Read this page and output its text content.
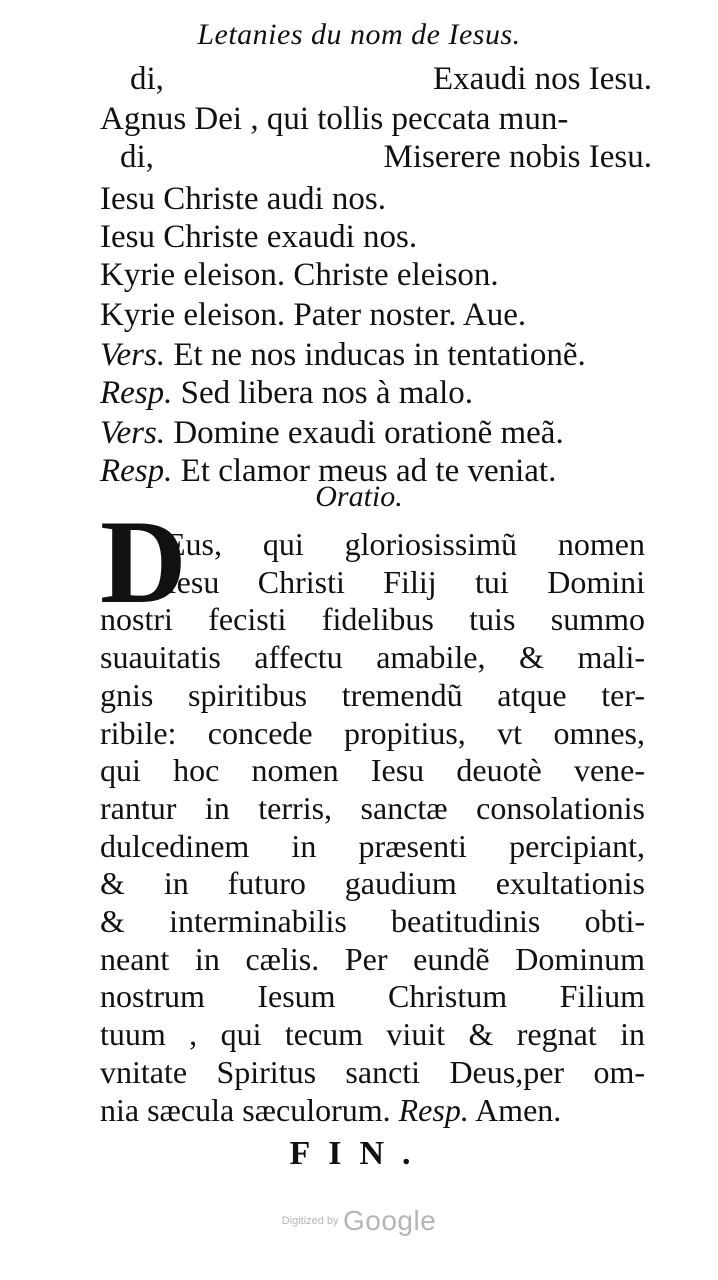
Letanies du nom de Iesus.
di,	Exaudi nos Iesu.
Agnus Dei , qui tollis peccata mun-
di,	Miserere nobis Iesu.
Iesu Christe audi nos.
Iesu Christe exaudi nos.
Kyrie eleison. Christe eleison.
Kyrie eleison. Pater noster. Aue.
Vers. Et ne nos inducas in tentationẽ.
Resp. Sed libera nos à malo.
Vers. Domine exaudi orationẽ meã.
Resp. Et clamor meus ad te veniat.
Oratio.
D
Eus, qui gloriosissimũ nomen
Iesu Christi Filij tui Domini
nostri fecisti fidelibus tuis summo
suauitatis affectu amabile, & mali-
gnis spiritibus tremendũ atque ter-
ribile: concede propitius, vt omnes,
qui hoc nomen Iesu deuotè vene-
rantur in terris, sanctæ consolationis
dulcedinem in præsenti percipiant,
& in futuro gaudium exultationis
& interminabilis beatitudinis obti-
neant in cælis. Per eundẽ Dominum
nostrum Iesum Christum Filium
tuum , qui tecum viuit & regnat in
vnitate Spiritus sancti Deus,per om-
nia sæcula sæculorum. Resp. Amen.
FIN.
Digitized by Google
